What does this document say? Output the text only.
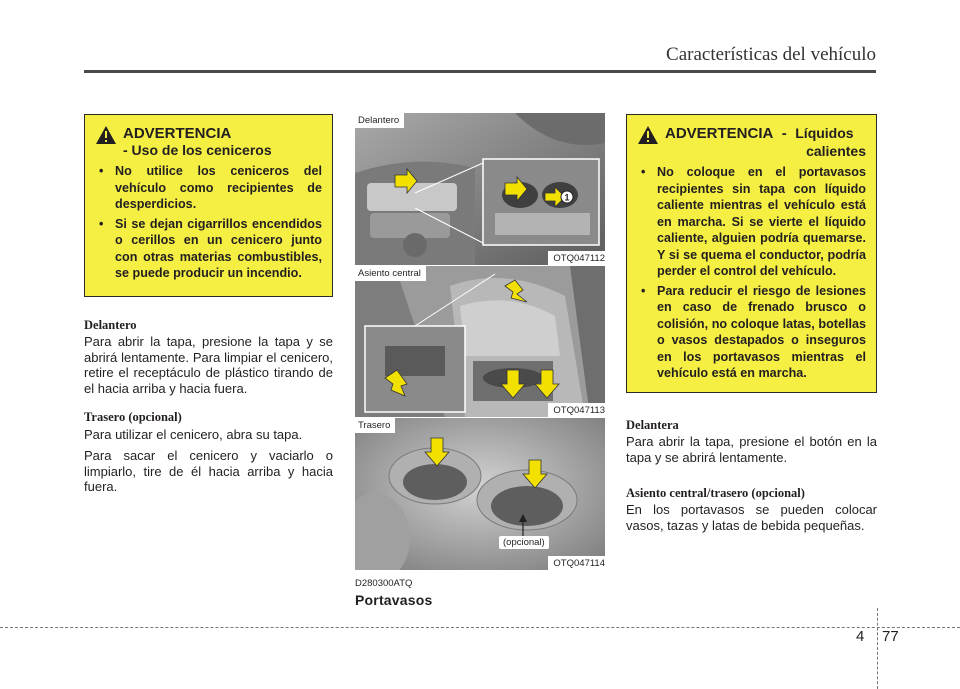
Características del vehículo
ADVERTENCIA
- Uso de los ceniceros
• No utilice los ceniceros del vehículo como recipientes de desperdicios.
• Si se dejan cigarrillos encendidos o cerillos en un cenicero junto con otras materias combustibles, se puede producir un incendio.
Delantero
Para abrir la tapa, presione la tapa y se abrirá lentamente. Para limpiar el cenicero, retire el receptáculo de plástico tirando de el hacia arriba y hacia fuera.
Trasero (opcional)
Para utilizar el cenicero, abra su tapa.
Para sacar el cenicero y vaciarlo o limpiarlo, tire de él hacia arriba y hacia fuera.
1
Delantero
OTQ047112
Asiento central
OTQ047113
Trasero
(opcional)
OTQ047114
D280300ATQ
Portavasos
ADVERTENCIA - Líquidos
calientes
• No coloque en el portavasos recipientes sin tapa con líquido caliente mientras el vehículo está en marcha. Si se vierte el líquido caliente, alguien podría quemarse. Y si se quema el conductor, podría perder el control del vehículo.
• Para reducir el riesgo de lesiones en caso de frenado brusco o colisión, no coloque latas, botellas o vasos destapados o inseguros en los portavasos mientras el vehículo está en marcha.
Delantera
Para abrir la tapa, presione el botón en la tapa y se abrirá lentamente.
Asiento central/trasero (opcional)
En los portavasos se pueden colocar vasos, tazas y latas de bebida pequeñas.
4 77
